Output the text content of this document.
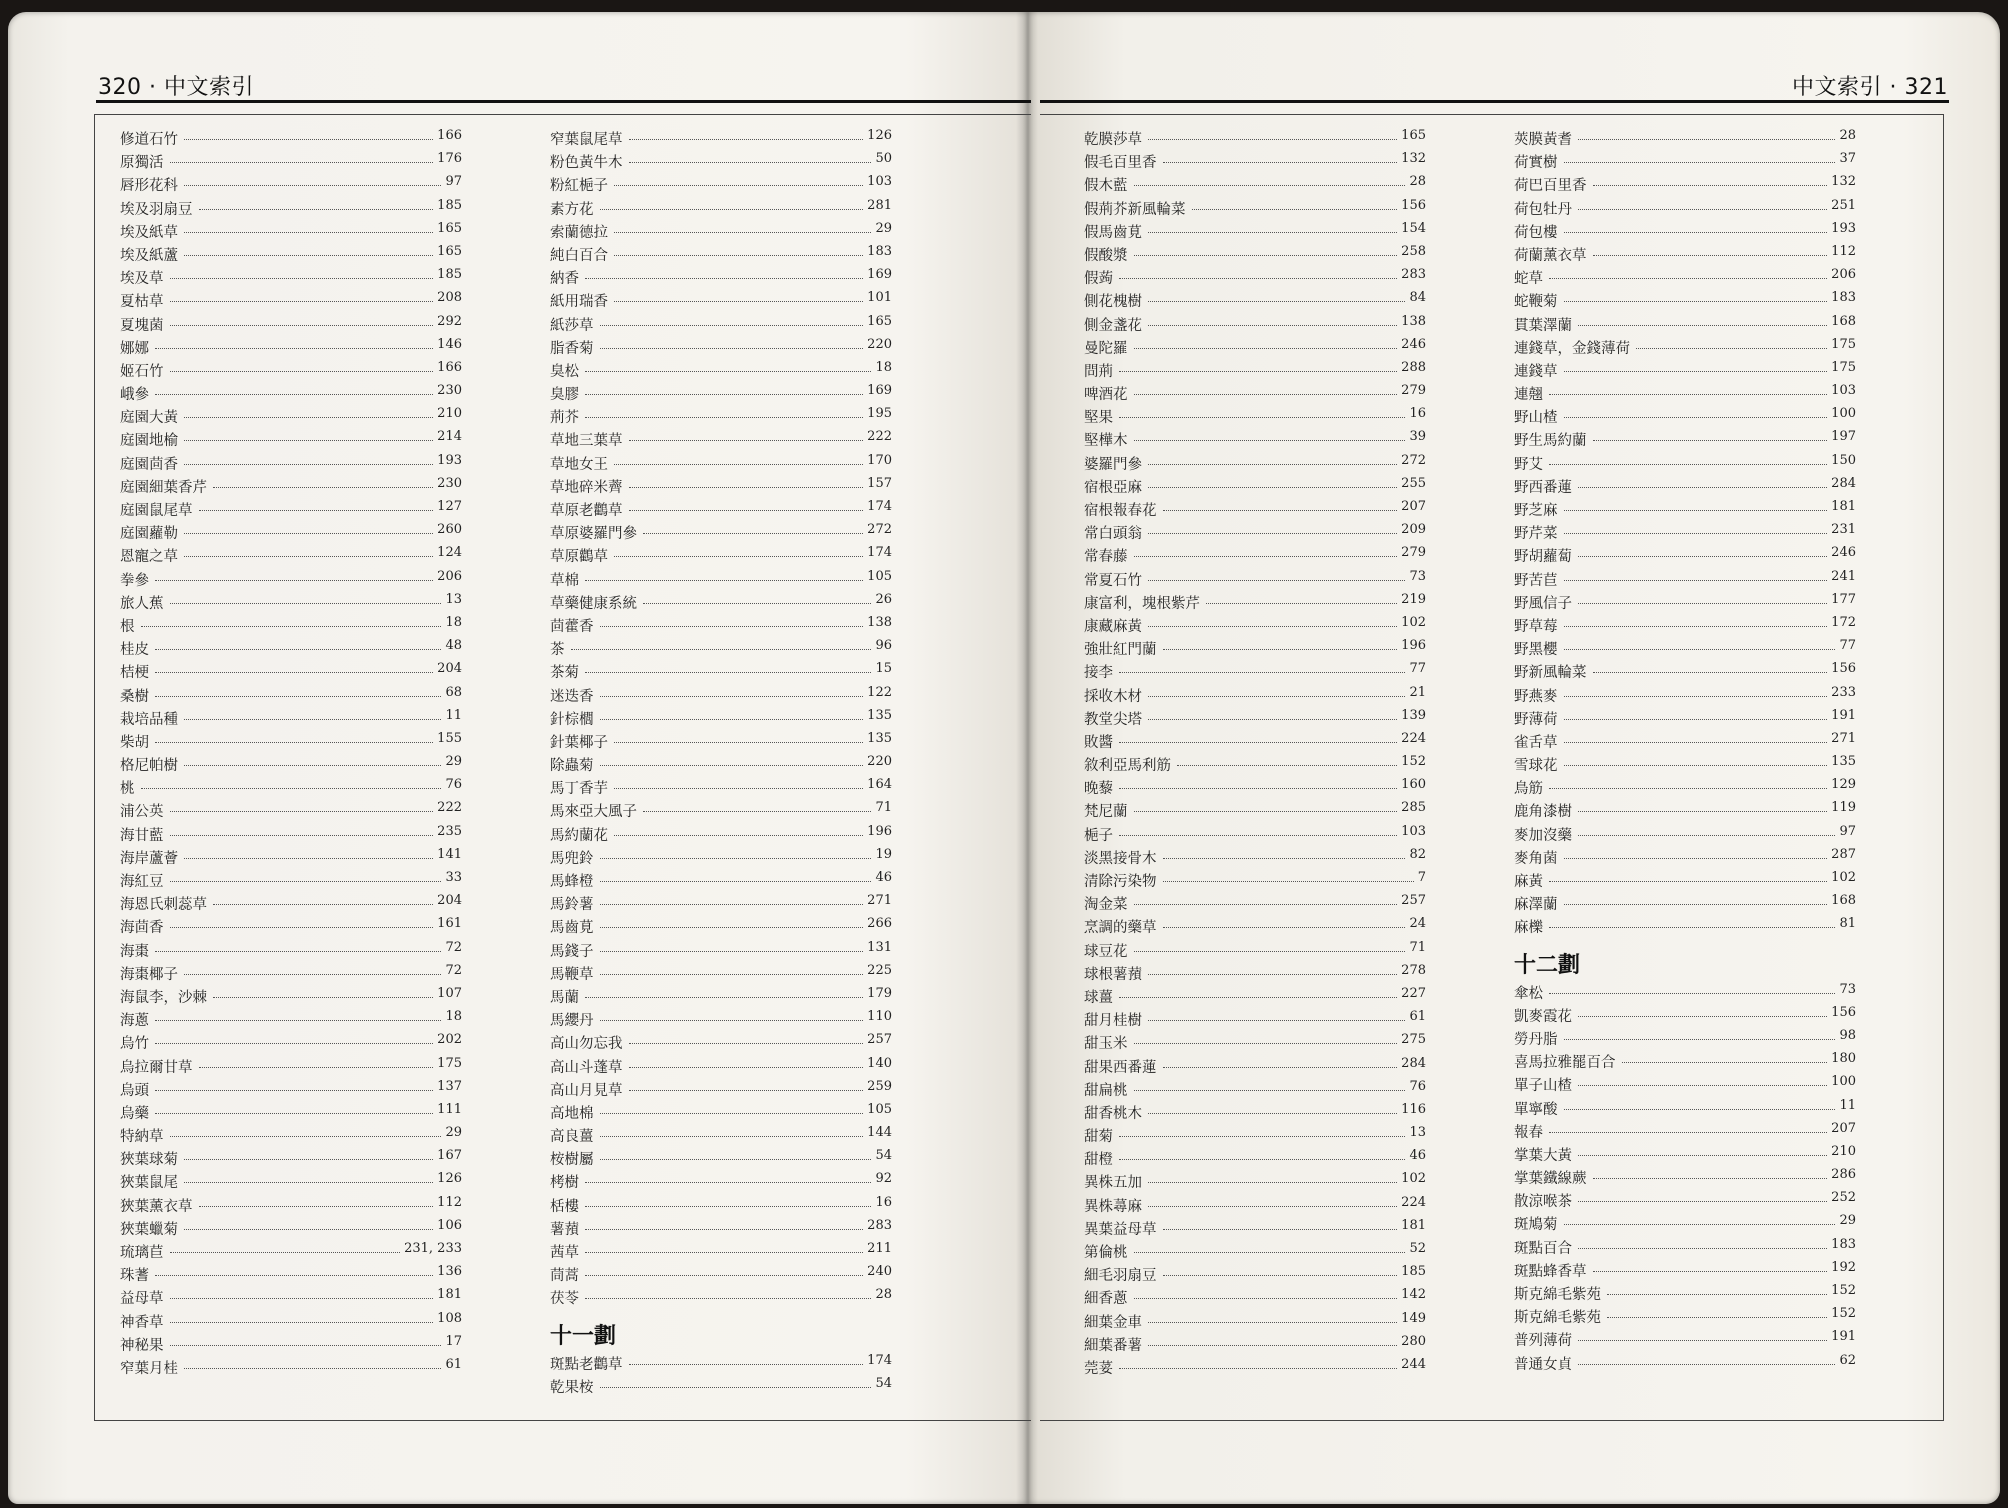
320 · 中文索引	中文索引 · 321
修道石竹	166
原獨活	176
唇形花科	97
埃及羽扇豆	185
埃及紙草	165
埃及紙蘆	165
埃及草	185
夏枯草	208
夏塊菌	292
娜娜	146
姬石竹	166
峨參	230
庭園大黃	210
庭園地榆	214
庭園茴香	193
庭園細葉香芹	230
庭園鼠尾草	127
庭園蘿勒	260
恩寵之草	124
拳參	206
旅人蕉	13
根	18
桂皮	48
桔梗	204
桑樹	68
栽培品種	11
柴胡	155
格尼帕樹	29
桃	76
浦公英	222
海甘藍	235
海岸蘆薈	141
海紅豆	33
海恩氏刺蕊草	204
海茴香	161
海棗	72
海棗椰子	72
海鼠李，沙棘	107
海蔥	18
烏竹	202
烏拉爾甘草	175
烏頭	137
烏藥	111
特納草	29
狹葉球菊	167
狹葉鼠尾	126
狹葉薰衣草	112
狹葉蠟菊	106
琉璃苣	231, 233
珠蓍	136
益母草	181
神香草	108
神秘果	17
窄葉月桂	61
窄葉鼠尾草	126
粉色黃牛木	50
粉紅梔子	103
素方花	281
索蘭德拉	29
純白百合	183
納香	169
紙用瑞香	101
紙莎草	165
脂香菊	220
臭松	18
臭膠	169
荊芥	195
草地三葉草	222
草地女王	170
草地碎米薺	157
草原老鸛草	174
草原婆羅門參	272
草原鸛草	174
草棉	105
草藥健康系統	26
茴藿香	138
茶	96
茶菊	15
迷迭香	122
針棕櫚	135
針葉椰子	135
除蟲菊	220
馬丁香芋	164
馬來亞大風子	71
馬約蘭花	196
馬兜鈴	19
馬蜂橙	46
馬鈴薯	271
馬齒莧	266
馬錢子	131
馬鞭草	225
馬蘭	179
馬纓丹	110
高山勿忘我	257
高山斗蓬草	140
高山月見草	259
高地棉	105
高良薑	144
桉樹屬	54
栲樹	92
栝樓	16
薯蕷	283
茜草	211
茼蒿	240
茯苓	28
十一劃
斑點老鸛草	174
乾果桉	54
乾膜莎草	165
假毛百里香	132
假木藍	28
假荊芥新風輪菜	156
假馬齒莧	154
假酸漿	258
假蒟	283
側花槐樹	84
側金盞花	138
曼陀羅	246
問荊	288
啤酒花	279
堅果	16
堅樺木	39
婆羅門參	272
宿根亞麻	255
宿根報春花	207
常白頭翁	209
常春藤	279
常夏石竹	73
康富利，塊根紫芹	219
康藏麻黃	102
強壯紅門蘭	196
接李	77
採收木材	21
教堂尖塔	139
敗醬	224
敘利亞馬利筋	152
晚藜	160
梵尼蘭	285
梔子	103
淡黑接骨木	82
清除污染物	7
淘金菜	257
烹調的藥草	24
球豆花	71
球根薯蕷	278
球薑	227
甜月桂樹	61
甜玉米	275
甜果西番蓮	284
甜扁桃	76
甜香桃木	116
甜菊	13
甜橙	46
異株五加	102
異株蕁麻	224
異葉益母草	181
第倫桃	52
細毛羽扇豆	185
細香蔥	142
細葉金車	149
細葉番薯	280
莞荽	244
莢膜黃耆	28
荷實樹	37
荷巴百里香	132
荷包牡丹	251
荷包樓	193
荷蘭薰衣草	112
蛇草	206
蛇鞭菊	183
貫葉澤蘭	168
連錢草，金錢薄荷	175
連錢草	175
連翹	103
野山楂	100
野生馬約蘭	197
野艾	150
野西番蓮	284
野芝麻	181
野芹菜	231
野胡蘿蔔	246
野苦苣	241
野風信子	177
野草莓	172
野黑櫻	77
野新風輪菜	156
野燕麥	233
野薄荷	191
雀舌草	271
雪球花	135
鳥筋	129
鹿角漆樹	119
麥加沒藥	97
麥角菌	287
麻黃	102
麻澤蘭	168
麻櫟	81
十二劃
傘松	73
凱麥霞花	156
勞丹脂	98
喜馬拉雅罷百合	180
單子山楂	100
單寧酸	11
報春	207
掌葉大黃	210
掌葉鐵線蕨	286
散涼喉茶	252
斑鳩菊	29
斑點百合	183
斑點蜂香草	192
斯克綿毛紫苑	152
斯克綿毛紫苑	152
普列薄荷	191
普通女貞	62
